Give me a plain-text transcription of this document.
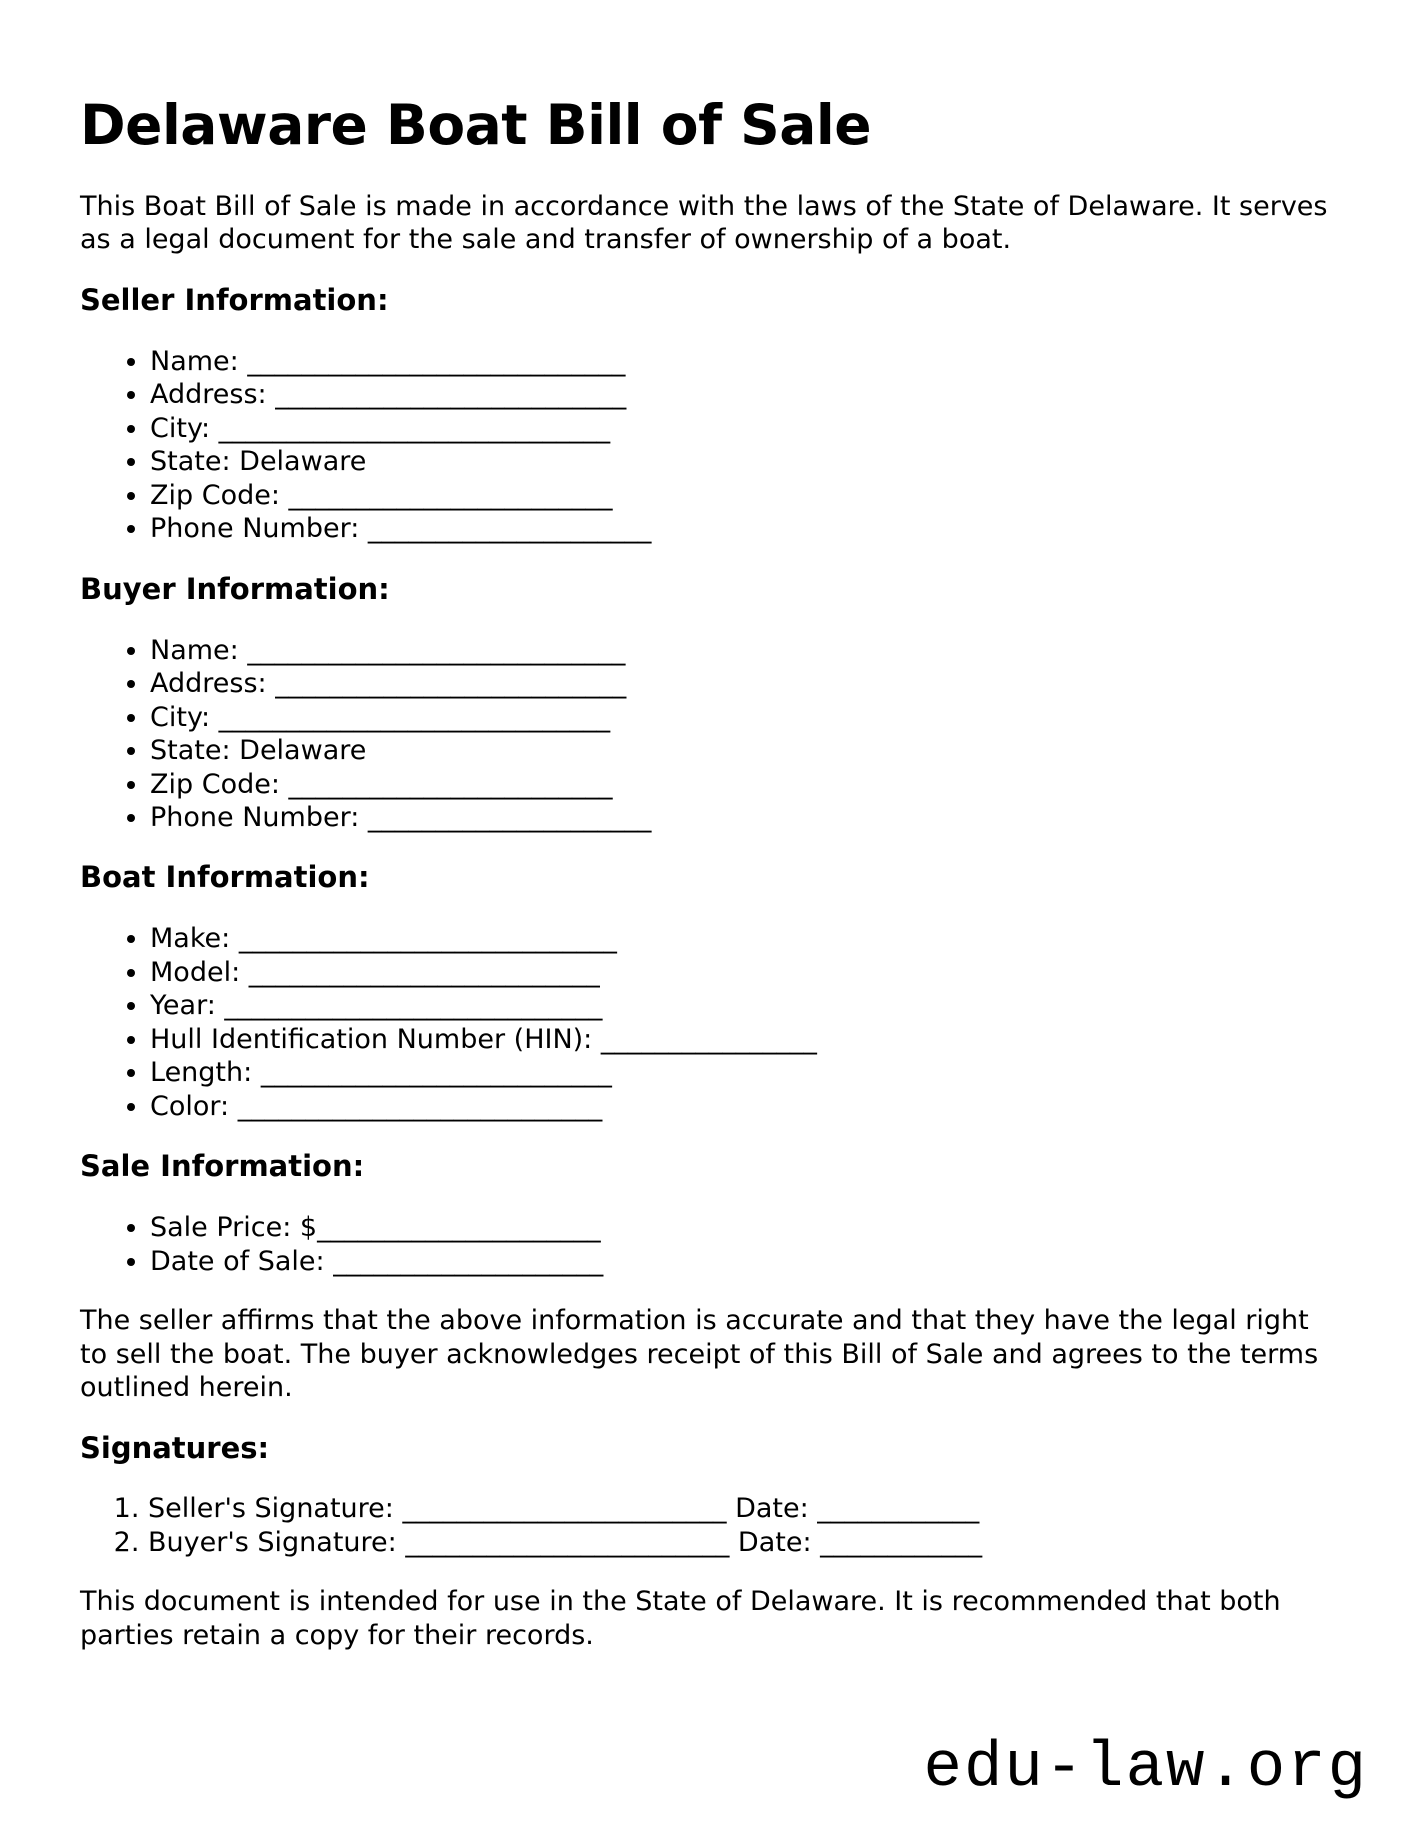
Delaware Boat Bill of Sale

This Boat Bill of Sale is made in accordance with the laws of the State of Delaware. It serves as a legal document for the sale and transfer of ownership of a boat.

Seller Information:
• Name: ____________________________
• Address: __________________________
• City: _____________________________
• State: Delaware
• Zip Code: ________________________
• Phone Number: _____________________
Buyer Information:
• Name: ____________________________
• Address: __________________________
• City: _____________________________
• State: Delaware
• Zip Code: ________________________
• Phone Number: _____________________
Boat Information:
• Make: ____________________________
• Model: __________________________
• Year: ____________________________
• Hull Identification Number (HIN): ________________
• Length: __________________________
• Color: ___________________________
Sale Information:
• Sale Price: $_____________________
• Date of Sale: ____________________

The seller affirms that the above information is accurate and that they have the legal right to sell the boat. The buyer acknowledges receipt of this Bill of Sale and agrees to the terms outlined herein.

Signatures:
1. Seller's Signature: ________________________ Date: ____________
2. Buyer's Signature: ________________________ Date: ____________

This document is intended for use in the State of Delaware. It is recommended that both parties retain a copy for their records.

edu-law.org
